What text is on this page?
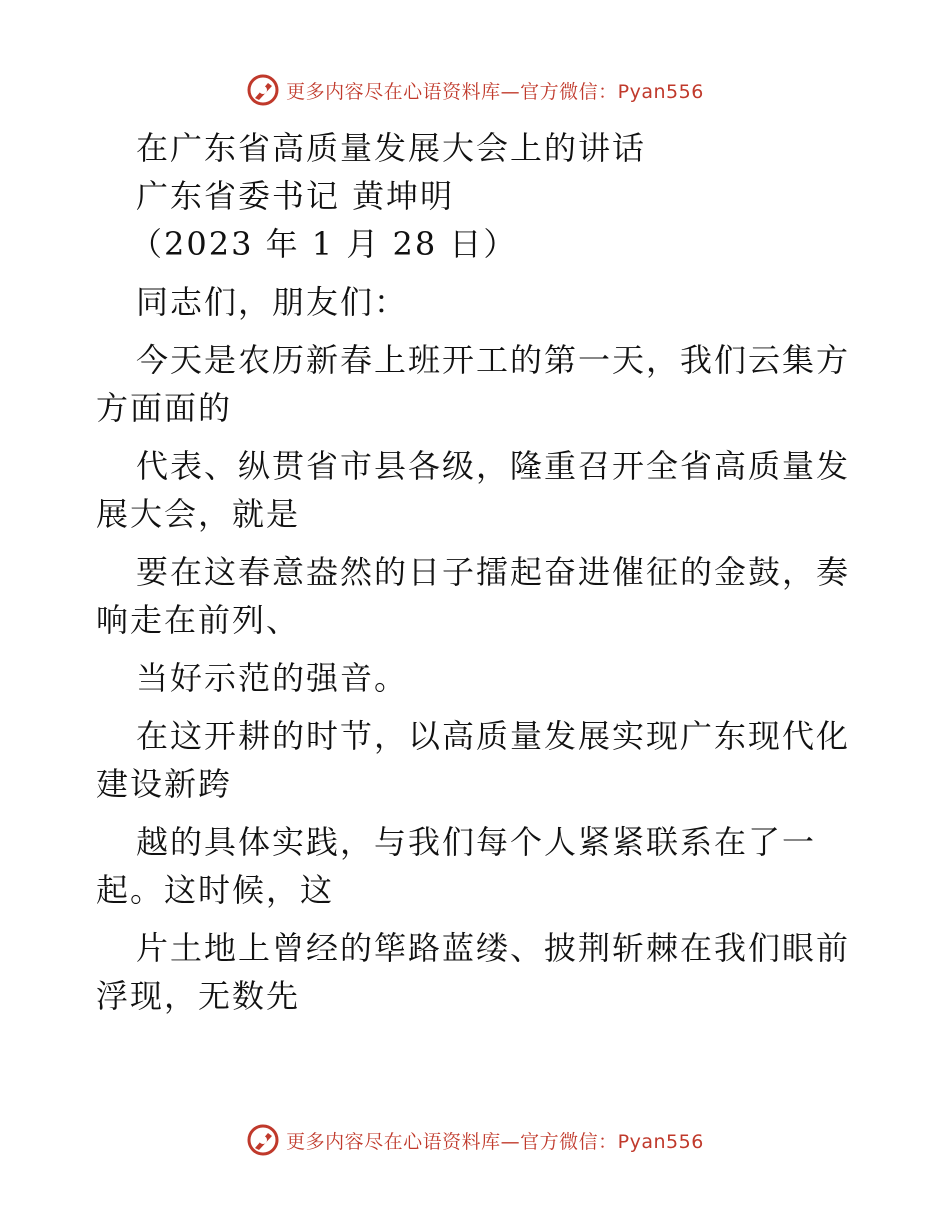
更多内容尽在心语资料库—官方微信：Pyan556
在广东省高质量发展大会上的讲话
广东省委书记 黄坤明
（2023 年 1 月 28 日）
同志们，朋友们：
今天是农历新春上班开工的第一天，我们云集方
方面面的
代表、纵贯省市县各级，隆重召开全省高质量发
展大会，就是
要在这春意盎然的日子擂起奋进催征的金鼓，奏
响走在前列、
当好示范的强音。
在这开耕的时节，以高质量发展实现广东现代化
建设新跨
越的具体实践，与我们每个人紧紧联系在了一
起。这时候，这
片土地上曾经的筚路蓝缕、披荆斩棘在我们眼前
浮现，无数先
更多内容尽在心语资料库—官方微信：Pyan556
